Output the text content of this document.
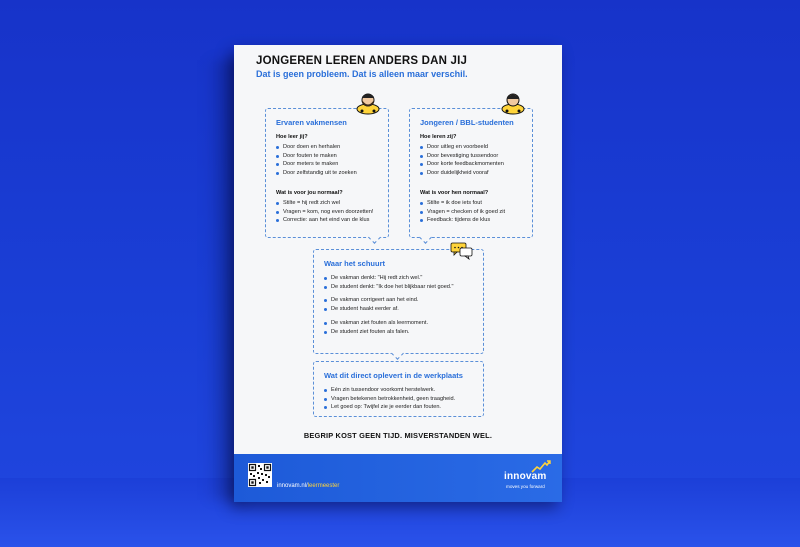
JONGEREN LEREN ANDERS DAN JIJ
Dat is geen probleem. Dat is alleen maar verschil.
Ervaren vakmensen
Hoe leer jij?
Door doen en herhalen
Door fouten te maken
Door meters te maken
Door zelfstandig uit te zoeken
Wat is voor jou normaal?
Stilte = hij redt zich wel
Vragen = kom, nog even doorzetten!
Correctie: aan het eind van de klus
Jongeren / BBL-studenten
Hoe leren zij?
Door uitleg en voorbeeld
Door bevestiging tussendoor
Door korte feedbackmomenten
Door duidelijkheid vooraf
Wat is voor hen normaal?
Stilte = ik doe iets fout
Vragen = checken of ik goed zit
Feedback: tijdens de klus
Waar het schuurt
De vakman denkt: "Hij redt zich wel."
De student denkt: "Ik doe het blijkbaar niet goed."
De vakman corrigeert aan het eind.
De student haakt eerder af.
De vakman ziet fouten als leermoment.
De student ziet fouten als falen.
Wat dit direct oplevert in de werkplaats
Eén zin tussendoor voorkomt herstelwerk.
Vragen betekenen betrokkenheid, geen traagheid.
Let goed op: Twijfel zie je eerder dan fouten.
BEGRIP KOST GEEN TIJD. MISVERSTANDEN WEL.
innovam.nl/leermeester
innovam
moves you forward
